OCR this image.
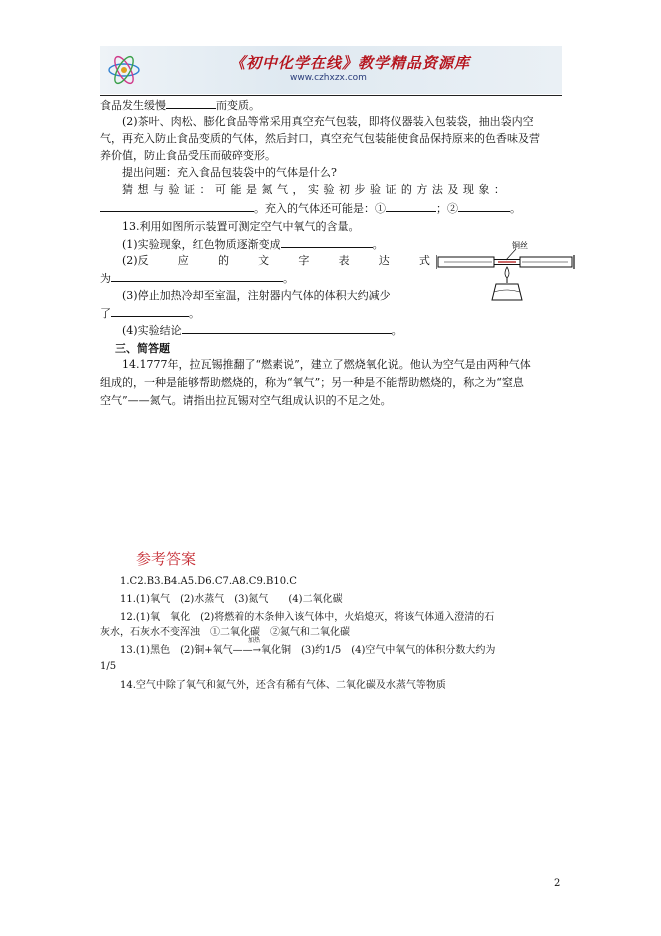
《初中化学在线》教学精品资源库
www.czhxzx.com
食品发生缓慢	而变质。
(2)茶叶、肉松、膨化食品等常采用真空充气包装，即将仪器装入包装袋，抽出袋内空
气，再充入防止食品变质的气体，然后封口，真空充气包装能使食品保持原来的色香味及营
养价值，防止食品受压而破碎变形。
提出问题：充入食品包装袋中的气体是什么?
猜 想 与 验 证 ： 可 能 是 氮 气 ， 实 验 初 步 验 证 的 方 法 及 现 象 ：
。充入的气体还可能是：①	；②	。
13.利用如图所示装置可测定空气中氧气的含量。
(1)实验现象，红色物质逐渐变成	。
(2)反	应	的	文	字	表	达	式
为	。
(3)停止加热冷却至室温，注射器内气体的体积大约减少
了	。
(4)实验结论	。
铜丝
三、简答题
14.1777年，拉瓦锡推翻了“燃素说”，建立了燃烧氧化说。他认为空气是由两种气体
组成的，一种是能够帮助燃烧的，称为“氧气”；另一种是不能帮助燃烧的，称之为“窒息
空气”——氮气。请指出拉瓦锡对空气组成认识的不足之处。
参考答案
1.C2.B3.B4.A5.D6.C7.A8.C9.B10.C
11.(1)氧气　(2)水蒸气　(3)氮气　　(4)二氧化碳
12.(1)氧　氧化　(2)将燃着的木条伸入该气体中，火焰熄灭，将该气体通入澄清的石
灰水，石灰水不变浑浊　①二氧化碳　②氮气和二氧化碳
加热
13.(1)黑色　(2)铜+氧气——→氧化铜　(3)约1/5　(4)空气中氧气的体积分数大约为
1/5
14.空气中除了氧气和氮气外，还含有稀有气体、二氧化碳及水蒸气等物质
2
